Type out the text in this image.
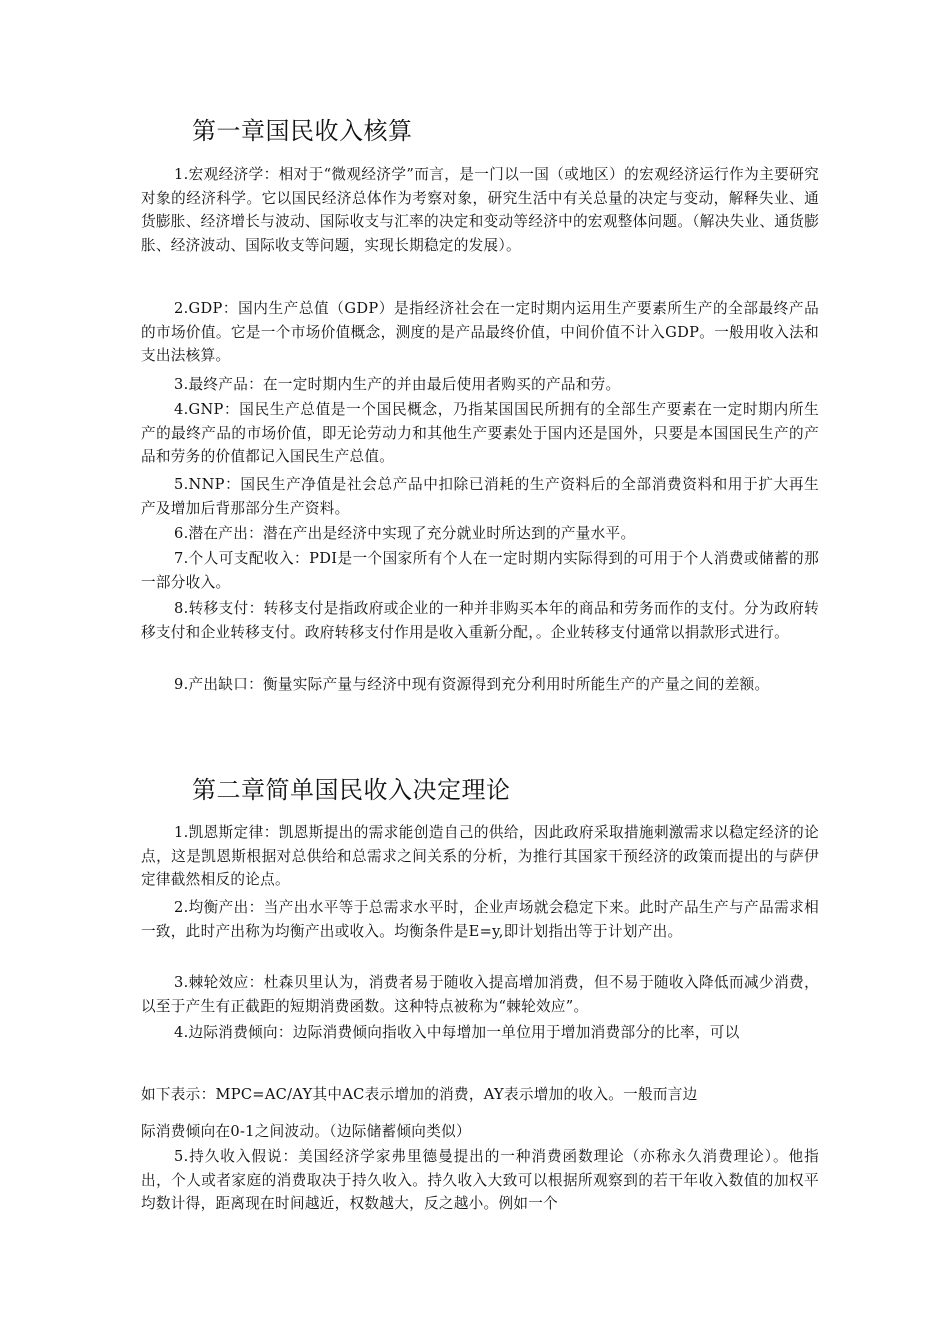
第一章国民收入核算

1.宏观经济学：相对于“微观经济学”而言，是一门以一国（或地区）的宏观经济运行作为主要研究对象的经济科学。它以国民经济总体作为考察对象，研究生活中有关总量的决定与变动，解释失业、通货膨胀、经济增长与波动、国际收支与汇率的决定和变动等经济中的宏观整体问题。（解决失业、通货膨胀、经济波动、国际收支等问题，实现长期稳定的发展）。

2.GDP：国内生产总值（GDP）是指经济社会在一定时期内运用生产要素所生产的全部最终产品的市场价值。它是一个市场价值概念，测度的是产品最终价值，中间价值不计入GDP。一般用收入法和支出法核算。

3.最终产品：在一定时期内生产的并由最后使用者购买的产品和劳。

4.GNP：国民生产总值是一个国民概念，乃指某国国民所拥有的全部生产要素在一定时期内所生产的最终产品的市场价值，即无论劳动力和其他生产要素处于国内还是国外，只要是本国国民生产的产品和劳务的价值都记入国民生产总值。

5.NNP：国民生产净值是社会总产品中扣除已消耗的生产资料后的全部消费资料和用于扩大再生产及增加后背那部分生产资料。

6.潜在产出：潜在产出是经济中实现了充分就业时所达到的产量水平。

7.个人可支配收入：PDI是一个国家所有个人在一定时期内实际得到的可用于个人消费或储蓄的那一部分收入。

8.转移支付：转移支付是指政府或企业的一种并非购买本年的商品和劳务而作的支付。分为政府转移支付和企业转移支付。政府转移支付作用是收入重新分配，。企业转移支付通常以捐款形式进行。

9.产出缺口：衡量实际产量与经济中现有资源得到充分利用时所能生产的产量之间的差额。

第二章简单国民收入决定理论

1.凯恩斯定律：凯恩斯提出的需求能创造自己的供给，因此政府采取措施刺激需求以稳定经济的论点，这是凯恩斯根据对总供给和总需求之间关系的分析，为推行其国家干预经济的政策而提出的与萨伊定律截然相反的论点。

2.均衡产出：当产出水平等于总需求水平时，企业声场就会稳定下来。此时产品生产与产品需求相一致，此时产出称为均衡产出或收入。均衡条件是E=y,即计划指出等于计划产出。

3.棘轮效应：杜森贝里认为，消费者易于随收入提高增加消费，但不易于随收入降低而减少消费，以至于产生有正截距的短期消费函数。这种特点被称为“棘轮效应”。

4.边际消费倾向：边际消费倾向指收入中每增加一单位用于增加消费部分的比率，可以

如下表示：MPC=AC/AY其中AC表示增加的消费，AY表示增加的收入。一般而言边

际消费倾向在0-1之间波动。（边际储蓄倾向类似）

5.持久收入假说：美国经济学家弗里德曼提出的一种消费函数理论（亦称永久消费理论）。他指出，个人或者家庭的消费取决于持久收入。持久收入大致可以根据所观察到的若干年收入数值的加权平均数计得，距离现在时间越近，权数越大，反之越小。例如一个
